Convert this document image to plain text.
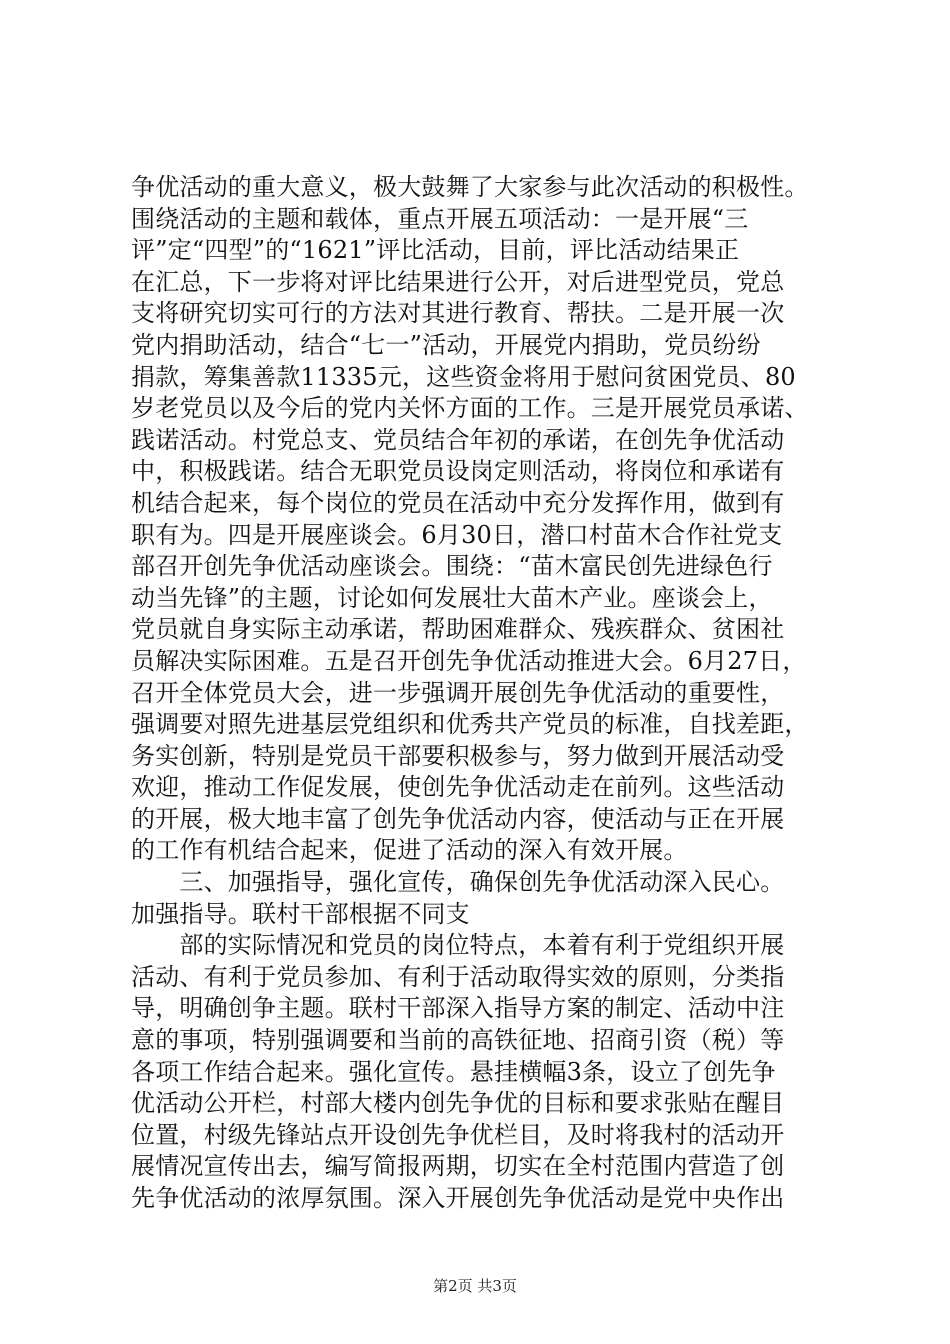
争优活动的重大意义，极大鼓舞了大家参与此次活动的积极性。
围绕活动的主题和载体，重点开展五项活动：一是开展“三
评”定“四型”的“1621”评比活动，目前，评比活动结果正
在汇总，下一步将对评比结果进行公开，对后进型党员，党总
支将研究切实可行的方法对其进行教育、帮扶。二是开展一次
党内捐助活动，结合“七一”活动，开展党内捐助，党员纷纷
捐款，筹集善款11335元，这些资金将用于慰问贫困党员、80
岁老党员以及今后的党内关怀方面的工作。三是开展党员承诺、
践诺活动。村党总支、党员结合年初的承诺，在创先争优活动
中，积极践诺。结合无职党员设岗定则活动，将岗位和承诺有
机结合起来，每个岗位的党员在活动中充分发挥作用，做到有
职有为。四是开展座谈会。6月30日，潜口村苗木合作社党支
部召开创先争优活动座谈会。围绕：“苗木富民创先进绿色行
动当先锋”的主题，讨论如何发展壮大苗木产业。座谈会上，
党员就自身实际主动承诺，帮助困难群众、残疾群众、贫困社
员解决实际困难。五是召开创先争优活动推进大会。6月27日，
召开全体党员大会，进一步强调开展创先争优活动的重要性，
强调要对照先进基层党组织和优秀共产党员的标准，自找差距，
务实创新，特别是党员干部要积极参与，努力做到开展活动受
欢迎，推动工作促发展，使创先争优活动走在前列。这些活动
的开展，极大地丰富了创先争优活动内容，使活动与正在开展
的工作有机结合起来，促进了活动的深入有效开展。
　　三、加强指导，强化宣传，确保创先争优活动深入民心。
加强指导。联村干部根据不同支
　　部的实际情况和党员的岗位特点，本着有利于党组织开展
活动、有利于党员参加、有利于活动取得实效的原则，分类指
导，明确创争主题。联村干部深入指导方案的制定、活动中注
意的事项，特别强调要和当前的高铁征地、招商引资（税）等
各项工作结合起来。强化宣传。悬挂横幅3条，设立了创先争
优活动公开栏，村部大楼内创先争优的目标和要求张贴在醒目
位置，村级先锋站点开设创先争优栏目，及时将我村的活动开
展情况宣传出去，编写简报两期，切实在全村范围内营造了创
先争优活动的浓厚氛围。深入开展创先争优活动是党中央作出
第2页 共3页
